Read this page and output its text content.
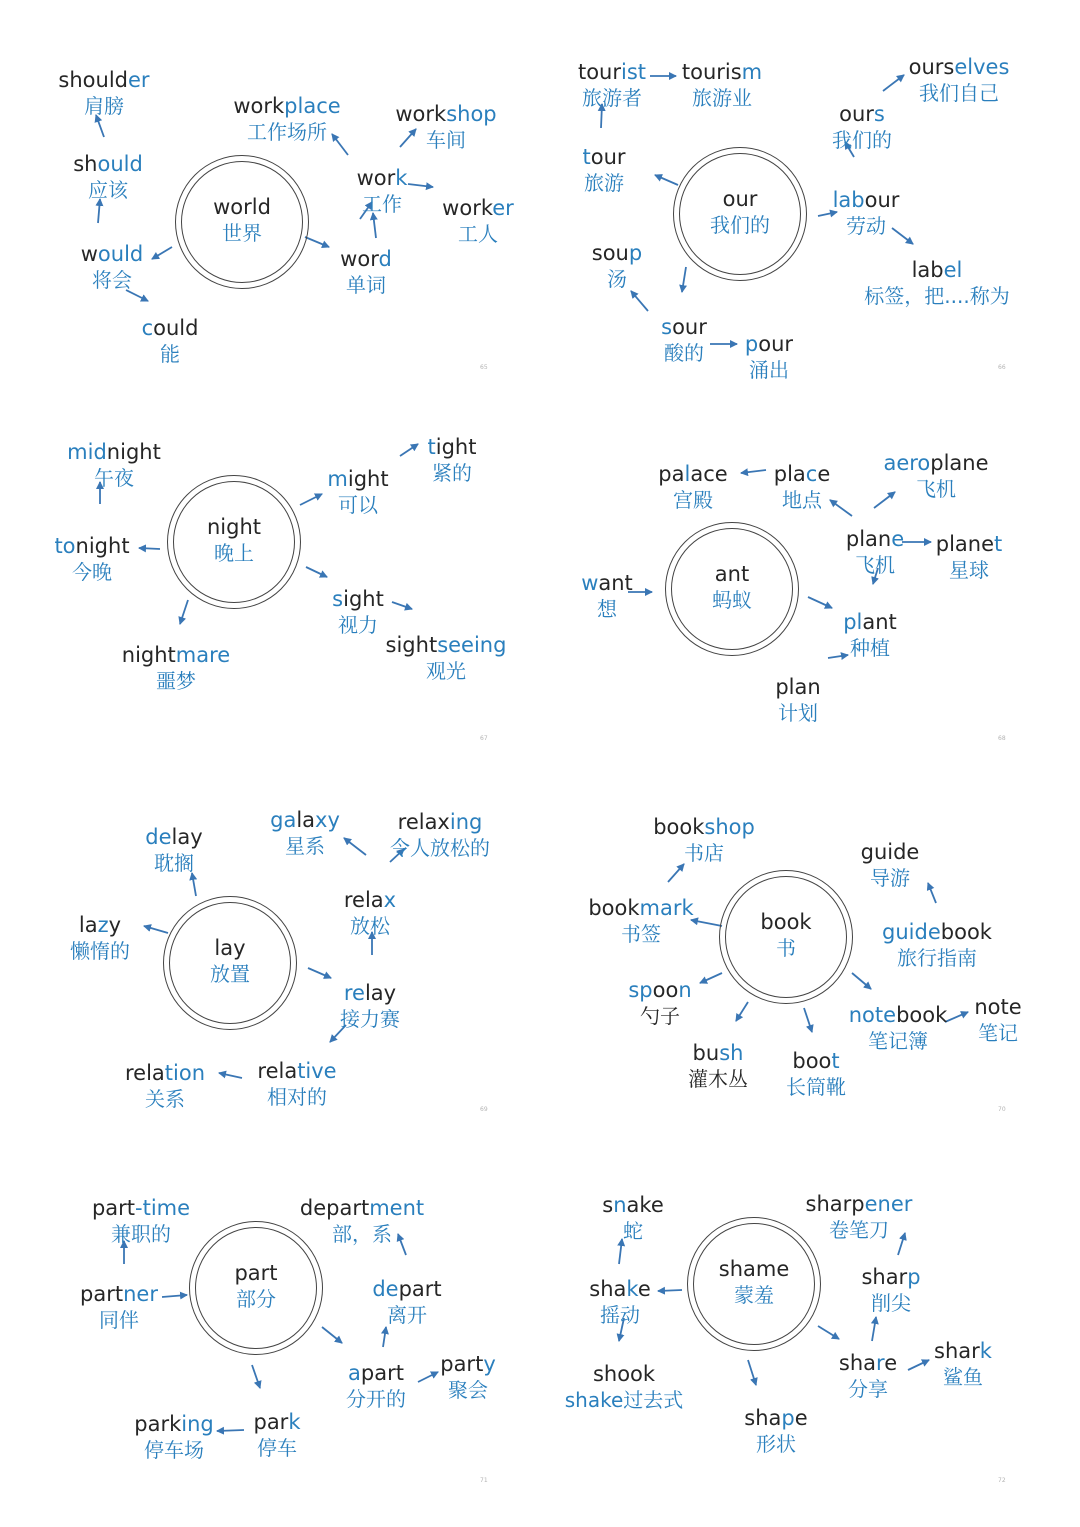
world
世界
shoulder
肩膀
should
应该
would
将会
could
能
workplace
工作场所
workshop
车间
work
工作	worker
工人
word
单词
65
our
我们的
tourist
旅游者
tourism
旅游业
tour
旅游
ourselves
我们自己
ours
我们的
labour
劳动
label
标签，把....称为
soup
汤
sour
酸的	pour
涌出	66
night
晚上
midnight
午夜
tonight
今晚
nightmare
噩梦
might
可以
tight
紧的
sight
视力
sightseeing
观光
67
ant
蚂蚁
palace
宫殿
place
地点
aeroplane
飞机
plane
飞机
planet
星球
want
想
plant
种植
plan
计划
68
lay
放置
delay
耽搁
lazy
懒惰的
galaxy
星系
relaxing
令人放松的
relax
放松
relay
接力赛
relative
相对的
relation
关系	69
book
书
bookshop
书店
bookmark
书签
guide
导游
guidebook
旅行指南
spoon
勺子
bush
灌木丛
boot
长筒靴
notebook
笔记簿
note
笔记
70
part
部分
part-time
兼职的
partner
同伴
department
部，系
depart
离开
apart
分开的
party
聚会
park
停车
parking
停车场
71
shame
蒙羞
snake
蛇
shake
摇动
shook
shake过去式
shape
形状
sharpener
卷笔刀
sharp
削尖
share
分享
shark
鲨鱼
72
